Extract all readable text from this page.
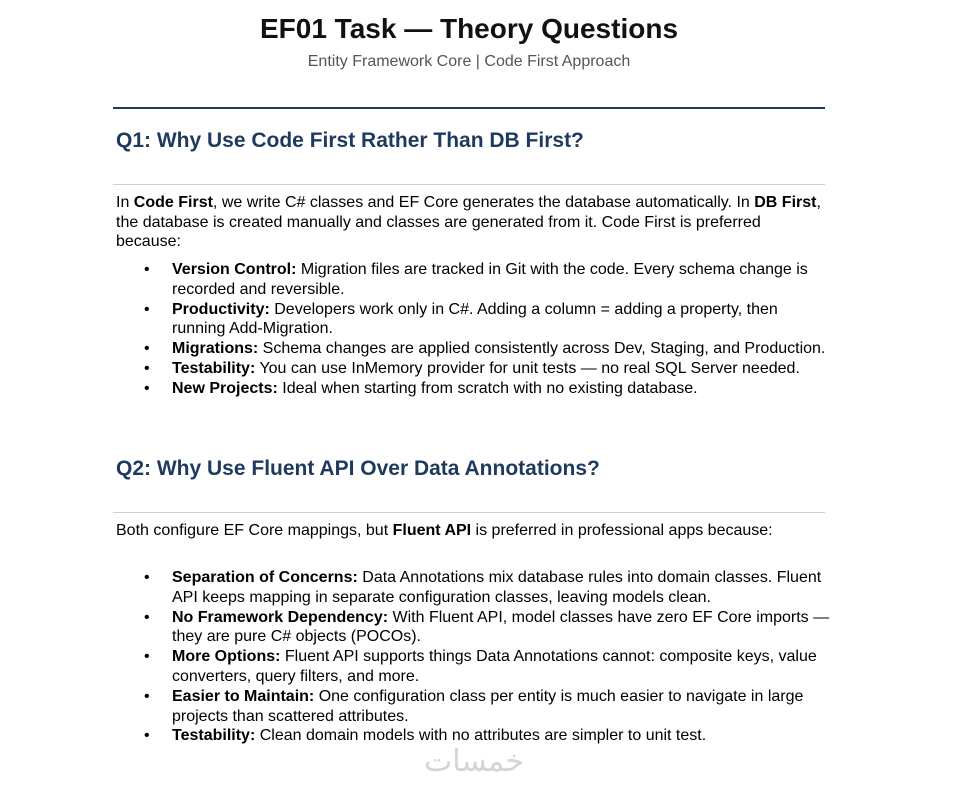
EF01 Task — Theory Questions
Entity Framework Core | Code First Approach
Q1: Why Use Code First Rather Than DB First?

In Code First, we write C# classes and EF Core generates the database automatically. In DB First, the database is created manually and classes are generated from it. Code First is preferred because:

• Version Control: Migration files are tracked in Git with the code. Every schema change is recorded and reversible.
• Productivity: Developers work only in C#. Adding a column = adding a property, then running Add-Migration.
• Migrations: Schema changes are applied consistently across Dev, Staging, and Production.
• Testability: You can use InMemory provider for unit tests — no real SQL Server needed.
• New Projects: Ideal when starting from scratch with no existing database.
Q2: Why Use Fluent API Over Data Annotations?

Both configure EF Core mappings, but Fluent API is preferred in professional apps because:

• Separation of Concerns: Data Annotations mix database rules into domain classes. Fluent API keeps mapping in separate configuration classes, leaving models clean.
• No Framework Dependency: With Fluent API, model classes have zero EF Core imports — they are pure C# objects (POCOs).
• More Options: Fluent API supports things Data Annotations cannot: composite keys, value converters, query filters, and more.
• Easier to Maintain: One configuration class per entity is much easier to navigate in large projects than scattered attributes.
• Testability: Clean domain models with no attributes are simpler to unit test.
خمسات
